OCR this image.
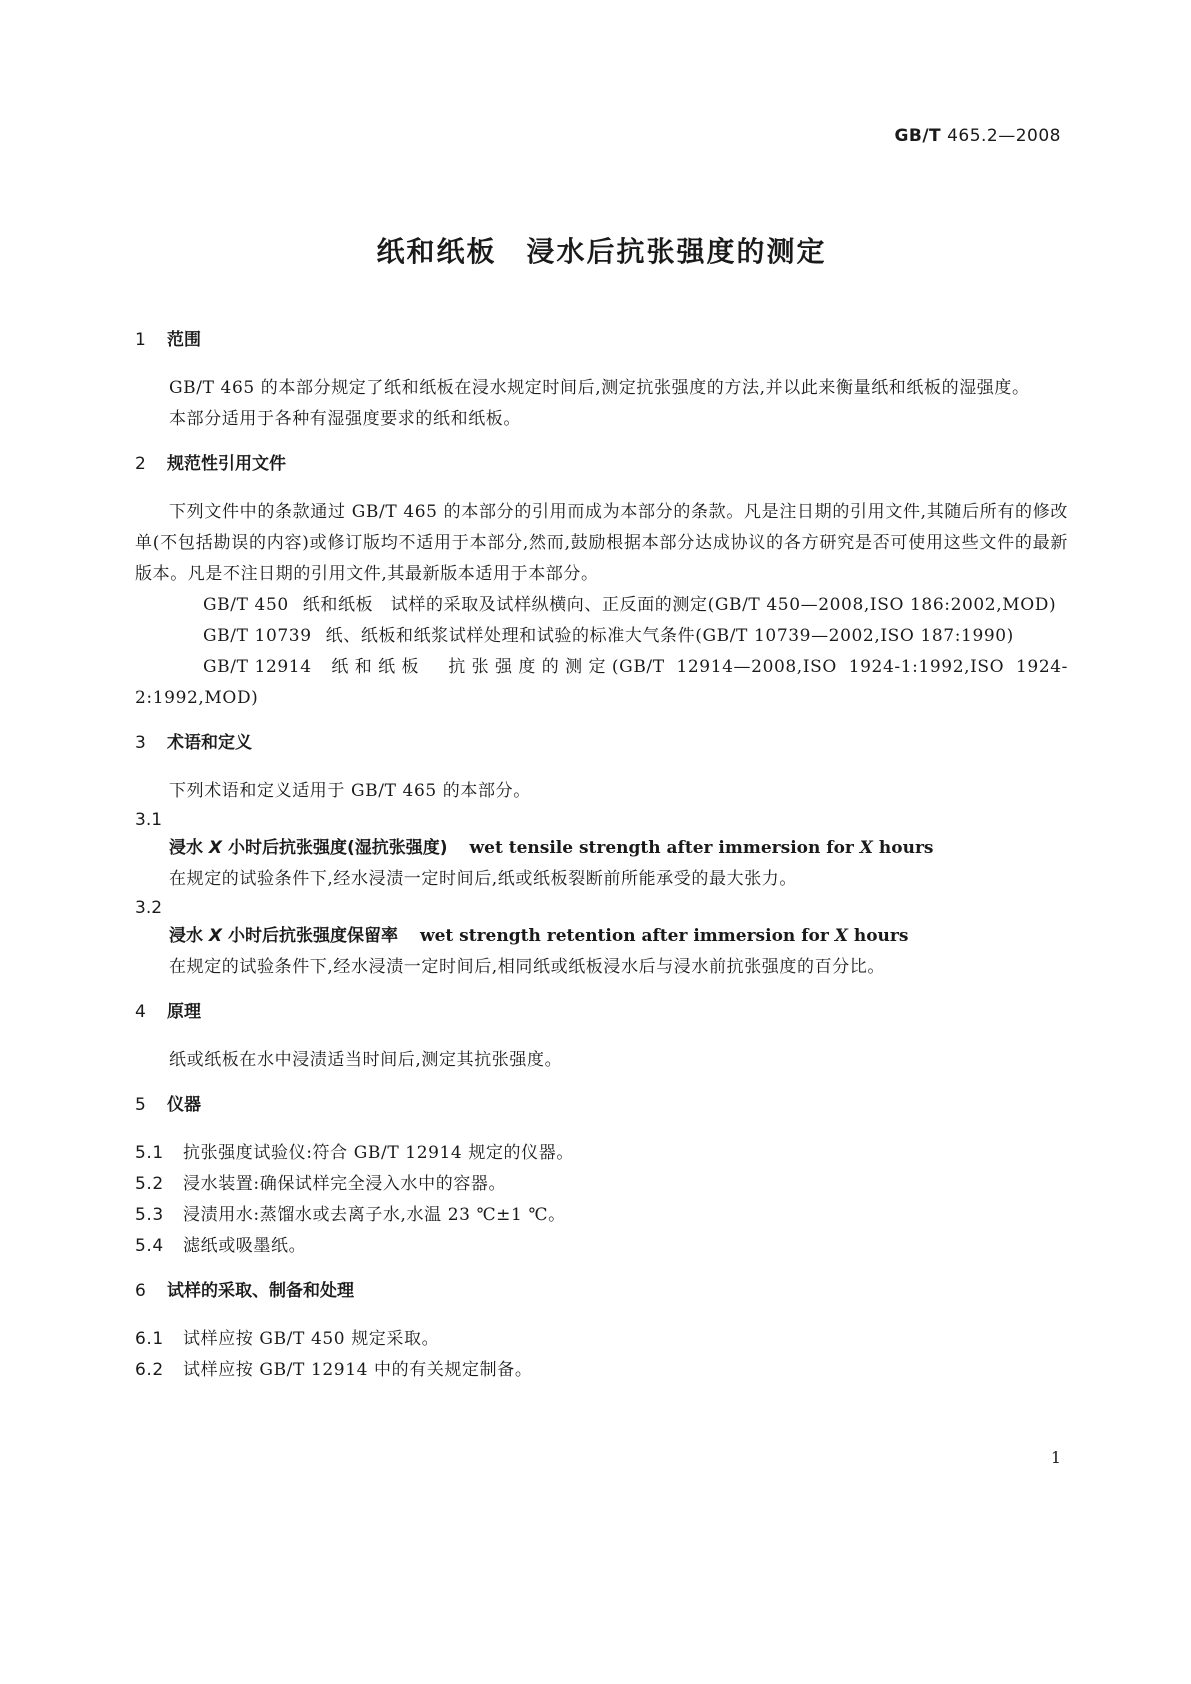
GB/T 465.2—2008
纸和纸板 浸水后抗张强度的测定
1 范围

GB/T 465 的本部分规定了纸和纸板在浸水规定时间后,测定抗张强度的方法,并以此来衡量纸和纸板的湿强度。

本部分适用于各种有湿强度要求的纸和纸板。

2 规范性引用文件

下列文件中的条款通过 GB/T 465 的本部分的引用而成为本部分的条款。凡是注日期的引用文件,其随后所有的修改单(不包括勘误的内容)或修订版均不适用于本部分,然而,鼓励根据本部分达成协议的各方研究是否可使用这些文件的最新版本。凡是不注日期的引用文件,其最新版本适用于本部分。

GB/T 450 纸和纸板　试样的采取及试样纵横向、正反面的测定(GB/T 450—2008,ISO 186:2002,MOD)

GB/T 10739 纸、纸板和纸浆试样处理和试验的标准大气条件(GB/T 10739—2002,ISO 187:1990)

GB/T 12914 纸和纸板　抗张强度的测定(GB/T 12914—2008,ISO 1924-1:1992,ISO 1924-2:1992,MOD)

3 术语和定义

下列术语和定义适用于 GB/T 465 的本部分。

3.1

浸水 X 小时后抗张强度(湿抗张强度) wet tensile strength after immersion for X hours

在规定的试验条件下,经水浸渍一定时间后,纸或纸板裂断前所能承受的最大张力。

3.2

浸水 X 小时后抗张强度保留率 wet strength retention after immersion for X hours

在规定的试验条件下,经水浸渍一定时间后,相同纸或纸板浸水后与浸水前抗张强度的百分比。

4 原理

纸或纸板在水中浸渍适当时间后,测定其抗张强度。

5 仪器

5.1 抗张强度试验仪:符合 GB/T 12914 规定的仪器。

5.2 浸水装置:确保试样完全浸入水中的容器。

5.3 浸渍用水:蒸馏水或去离子水,水温 23 ℃±1 ℃。

5.4 滤纸或吸墨纸。

6 试样的采取、制备和处理

6.1 试样应按 GB/T 450 规定采取。

6.2 试样应按 GB/T 12914 中的有关规定制备。

1
